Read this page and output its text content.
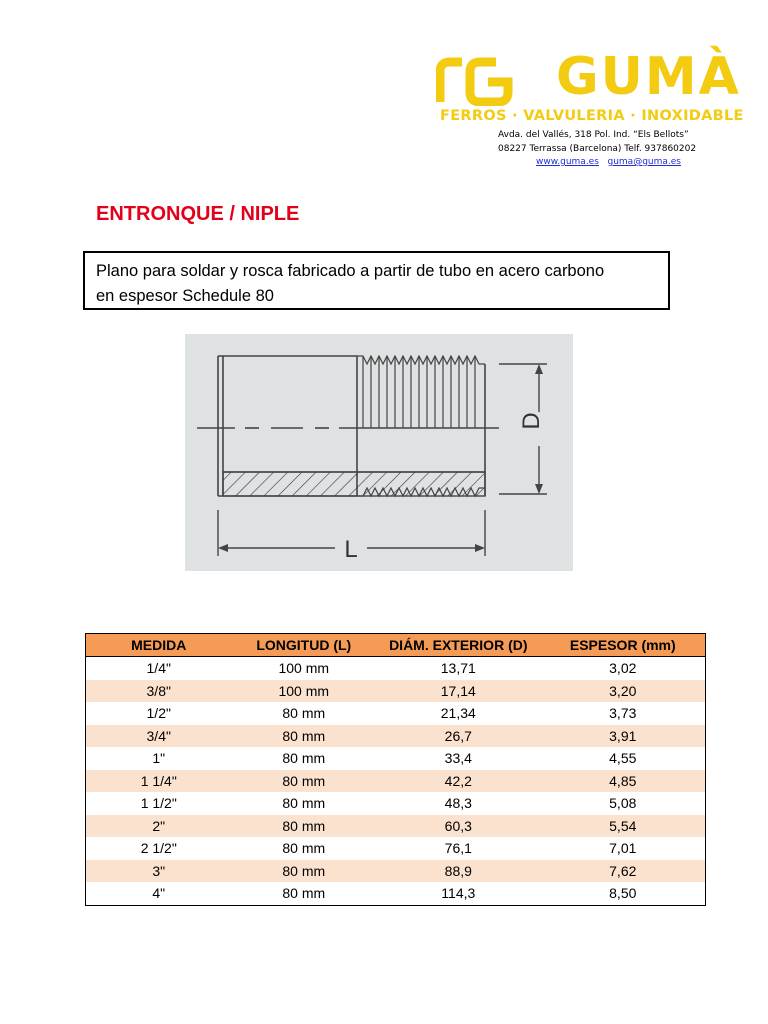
GUMÀ
FERROS · VALVULERIA · INOXIDABLE
Avda. del Vallés, 318 Pol. Ind. “Els Bellots”
08227 Terrassa (Barcelona) Telf. 937860202
www.guma.es guma@guma.es
ENTRONQUE / NIPLE
Plano para soldar y rosca fabricado a partir de tubo en acero carbono
en espesor Schedule 80
D
L
MEDIDA	LONGITUD (L)	DIÁM. EXTERIOR (D)	ESPESOR (mm)
1/4"	100 mm	13,71	3,02
3/8"	100 mm	17,14	3,20
1/2"	80 mm	21,34	3,73
3/4"	80 mm	26,7	3,91
1"	80 mm	33,4	4,55
1 1/4"	80 mm	42,2	4,85
1 1/2"	80 mm	48,3	5,08
2"	80 mm	60,3	5,54
2 1/2"	80 mm	76,1	7,01
3"	80 mm	88,9	7,62
4"	80 mm	114,3	8,50
